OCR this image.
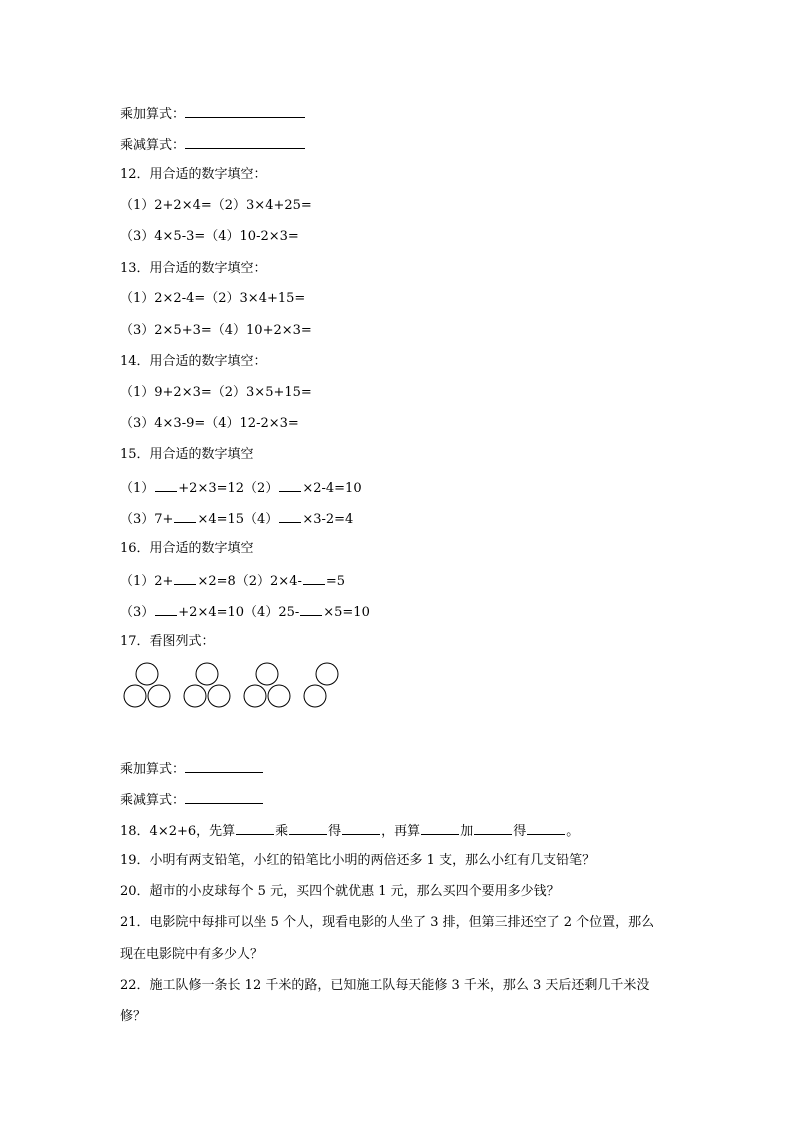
乘加算式：
乘减算式：
12．用合适的数字填空：
（1）2+2×4=（2）3×4+25=
（3）4×5-3=（4）10-2×3=
13．用合适的数字填空：
（1）2×2-4=（2）3×4+15=
（3）2×5+3=（4）10+2×3=
14．用合适的数字填空：
（1）9+2×3=（2）3×5+15=
（3）4×3-9=（4）12-2×3=
15．用合适的数字填空
（1） +2×3=12（2） ×2-4=10
（3）7+ ×4=15（4） ×3-2=4
16．用合适的数字填空
（1）2+ ×2=8（2）2×4- =5
（3） +2×4=10（4）25- ×5=10
17．看图列式：
乘加算式：
乘减算式：
18．4×2+6，先算	乘	得	，再算	加	得	。
19．小明有两支铅笔，小红的铅笔比小明的两倍还多 1 支，那么小红有几支铅笔？
20．超市的小皮球每个 5 元，买四个就优惠 1 元，那么买四个要用多少钱？
21．电影院中每排可以坐 5 个人，现看电影的人坐了 3 排，但第三排还空了 2 个位置，那么
现在电影院中有多少人？
22．施工队修一条长 12 千米的路，已知施工队每天能修 3 千米，那么 3 天后还剩几千米没
修？
